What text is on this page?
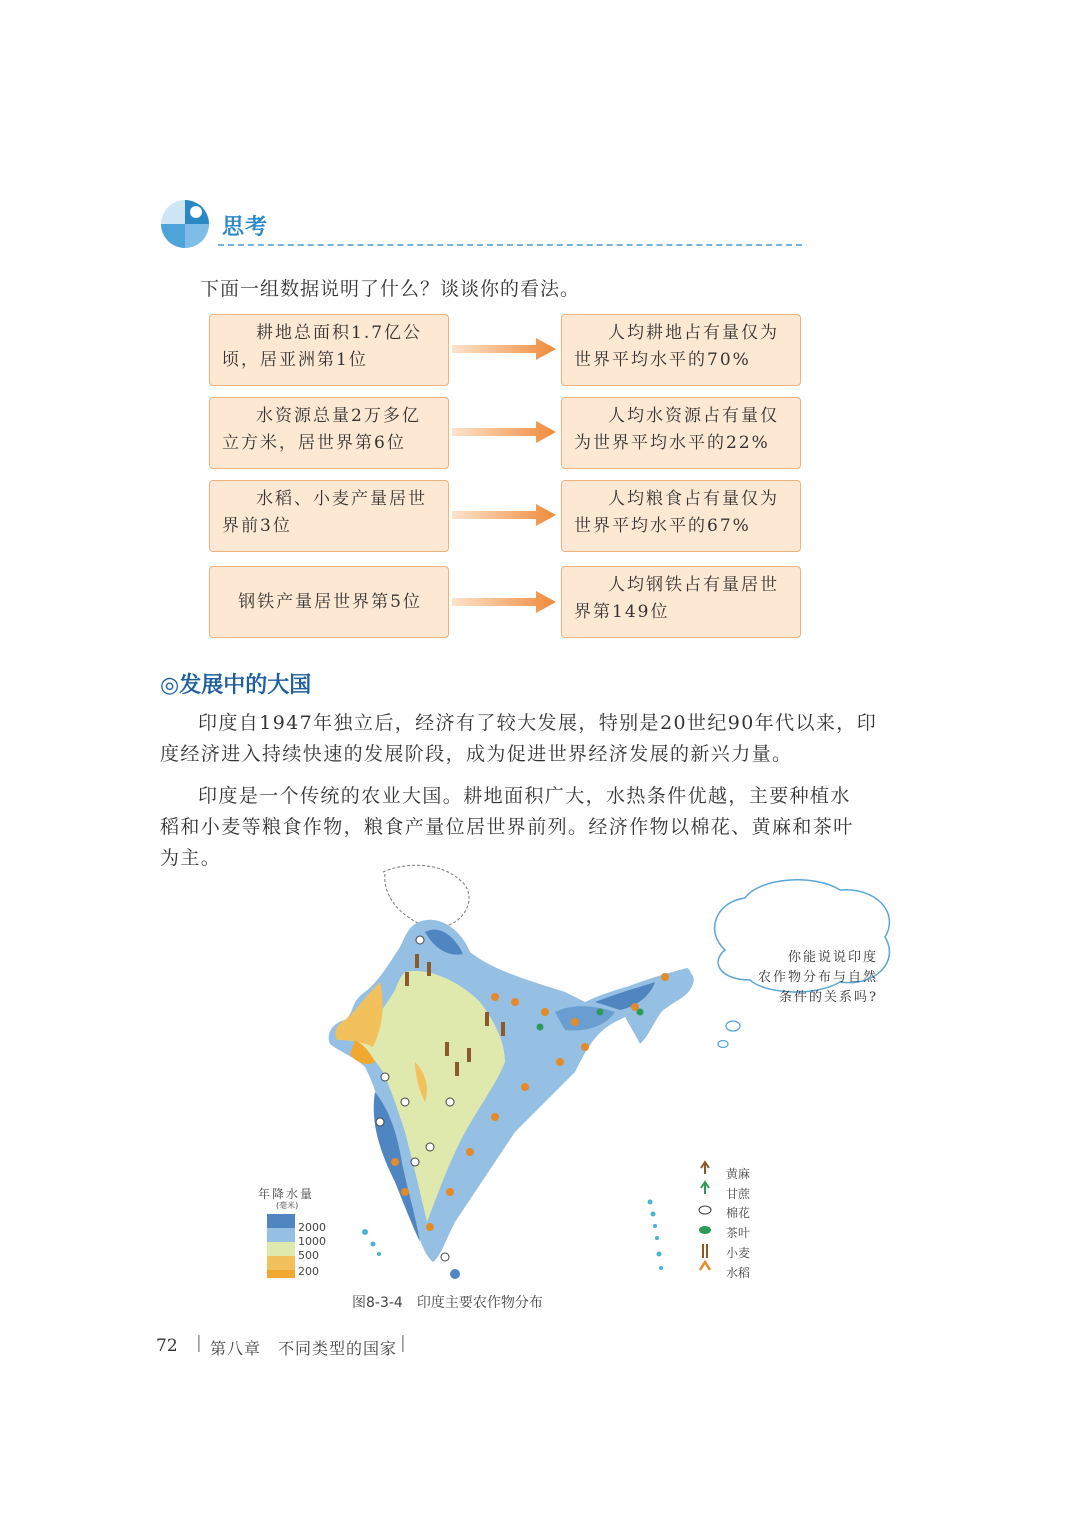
思考
下面一组数据说明了什么？谈谈你的看法。
耕地总面积1.7亿公
顷，居亚洲第1位
人均耕地占有量仅为
世界平均水平的70%
水资源总量2万多亿
立方米，居世界第6位
人均水资源占有量仅
为世界平均水平的22%
水稻、小麦产量居世
界前3位
人均粮食占有量仅为
世界平均水平的67%
钢铁产量居世界第5位
人均钢铁占有量居世
界第149位
◎发展中的大国
印度自1947年独立后，经济有了较大发展，特别是20世纪90年代以来，印
度经济进入持续快速的发展阶段，成为促进世界经济发展的新兴力量。
印度是一个传统的农业大国。耕地面积广大，水热条件优越，主要种植水
稻和小麦等粮食作物，粮食产量位居世界前列。经济作物以棉花、黄麻和茶叶
为主。
你能说说印度
农作物分布与自然
条件的关系吗?
年降水量
(毫米)
2000
1000
500
200
黄麻
甘蔗
棉花
茶叶
小麦
水稻
图8-3-4　印度主要农作物分布
72 | 第八章　不同类型的国家 |
